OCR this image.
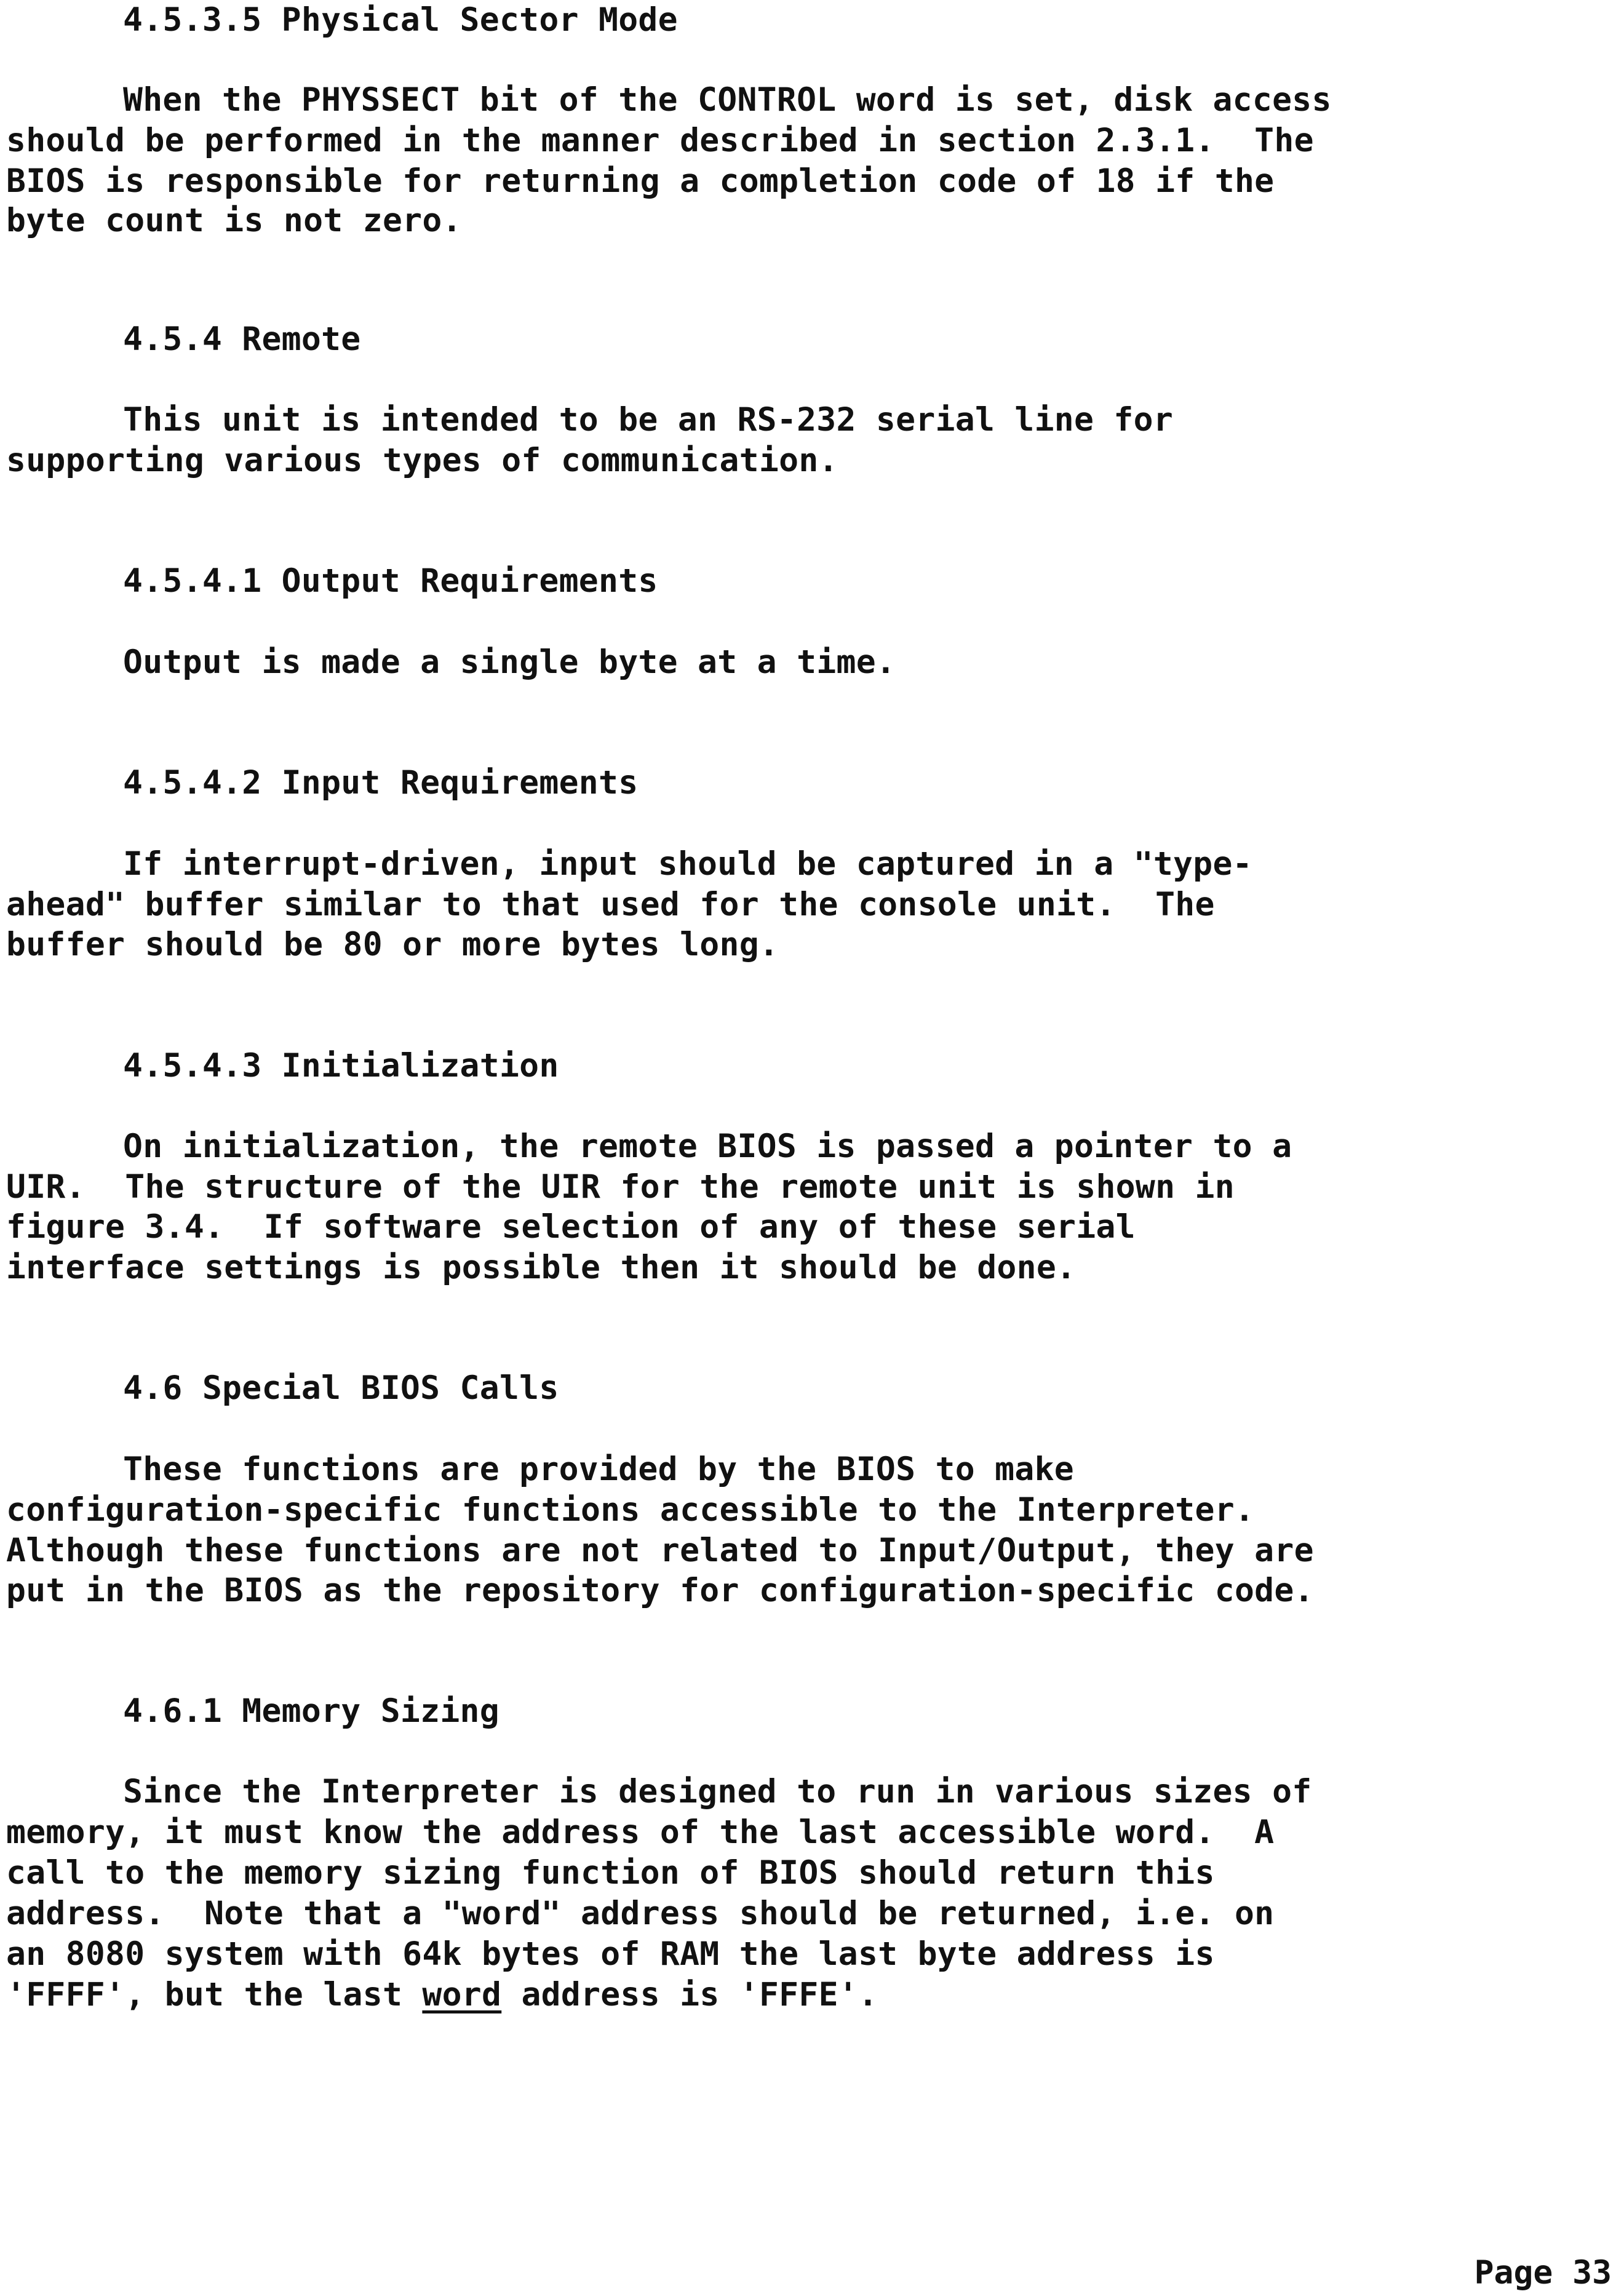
4.5.3.5 Physical Sector Mode
When the PHYSSECT bit of the CONTROL word is set, disk access
should be performed in the manner described in section 2.3.1.  The
BIOS is responsible for returning a completion code of 18 if the
byte count is not zero.
4.5.4 Remote
This unit is intended to be an RS-232 serial line for
supporting various types of communication.
4.5.4.1 Output Requirements
Output is made a single byte at a time.
4.5.4.2 Input Requirements
If interrupt-driven, input should be captured in a "type-
ahead" buffer similar to that used for the console unit.  The
buffer should be 80 or more bytes long.
4.5.4.3 Initialization
On initialization, the remote BIOS is passed a pointer to a
UIR.  The structure of the UIR for the remote unit is shown in
figure 3.4.  If software selection of any of these serial
interface settings is possible then it should be done.
4.6 Special BIOS Calls
These functions are provided by the BIOS to make
configuration-specific functions accessible to the Interpreter.
Although these functions are not related to Input/Output, they are
put in the BIOS as the repository for configuration-specific code.
4.6.1 Memory Sizing
Since the Interpreter is designed to run in various sizes of
memory, it must know the address of the last accessible word.  A
call to the memory sizing function of BIOS should return this
address.  Note that a "word" address should be returned, i.e. on
an 8080 system with 64k bytes of RAM the last byte address is
'FFFF', but the last word address is 'FFFE'.
Page 33
